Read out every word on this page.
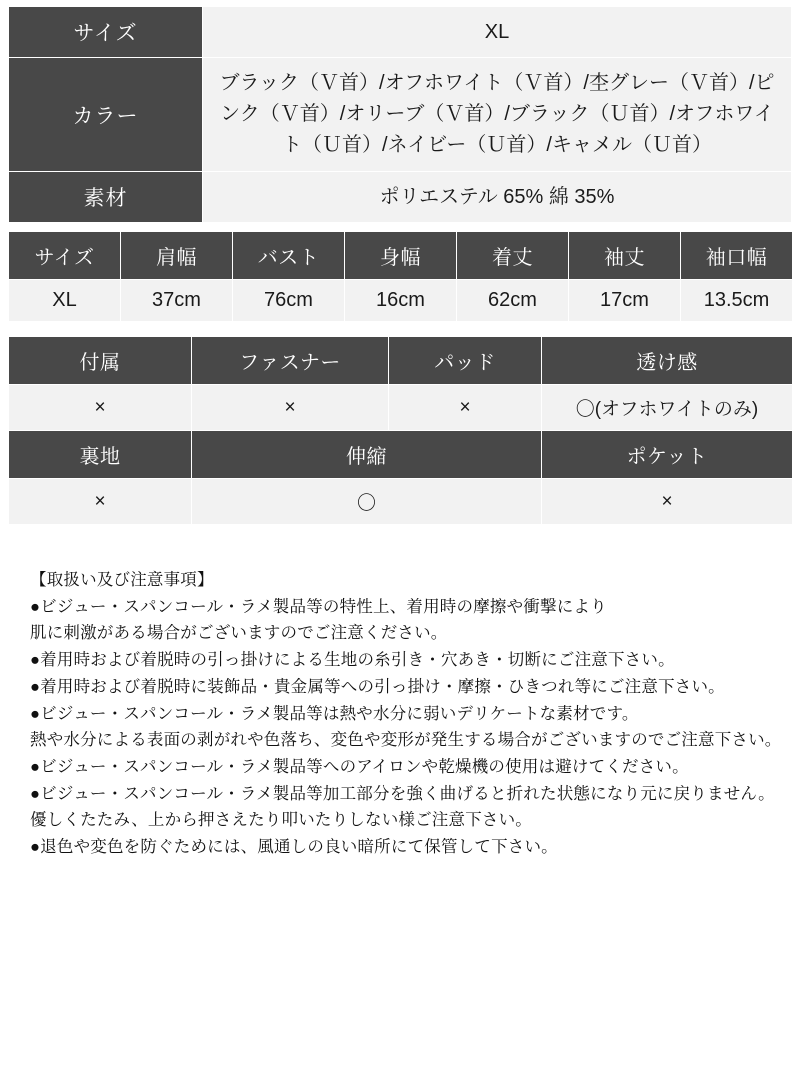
サイズ	XL
カラー	ブラック（Ｖ首）/オフホワイト（Ｖ首）/杢グレー（Ｖ首）/ピンク（Ｖ首）/オリーブ（Ｖ首）/ブラック（Ｕ首）/オフホワイト（Ｕ首）/ネイビー（Ｕ首）/キャメル（Ｕ首）
素材	ポリエステル 65% 綿 35%
サイズ	肩幅	バスト	身幅	着丈	袖丈	袖口幅
XL	37cm	76cm	16cm	62cm	17cm	13.5cm
付属	ファスナー	パッド	透け感
×	×	×	〇(オフホワイトのみ)
裏地	伸縮		ポケット
×	〇		×
【取扱い及び注意事項】
●ビジュー・スパンコール・ラメ製品等の特性上、着用時の摩擦や衝撃により
肌に刺激がある場合がございますのでご注意ください。
●着用時および着脱時の引っ掛けによる生地の糸引き・穴あき・切断にご注意下さい。
●着用時および着脱時に装飾品・貴金属等への引っ掛け・摩擦・ひきつれ等にご注意下さい。
●ビジュー・スパンコール・ラメ製品等は熱や水分に弱いデリケートな素材です。
熱や水分による表面の剥がれや色落ち、変色や変形が発生する場合がございますのでご注意下さい。
●ビジュー・スパンコール・ラメ製品等へのアイロンや乾燥機の使用は避けてください。
●ビジュー・スパンコール・ラメ製品等加工部分を強く曲げると折れた状態になり元に戻りません。
優しくたたみ、上から押さえたり叩いたりしない様ご注意下さい。
●退色や変色を防ぐためには、風通しの良い暗所にて保管して下さい。
